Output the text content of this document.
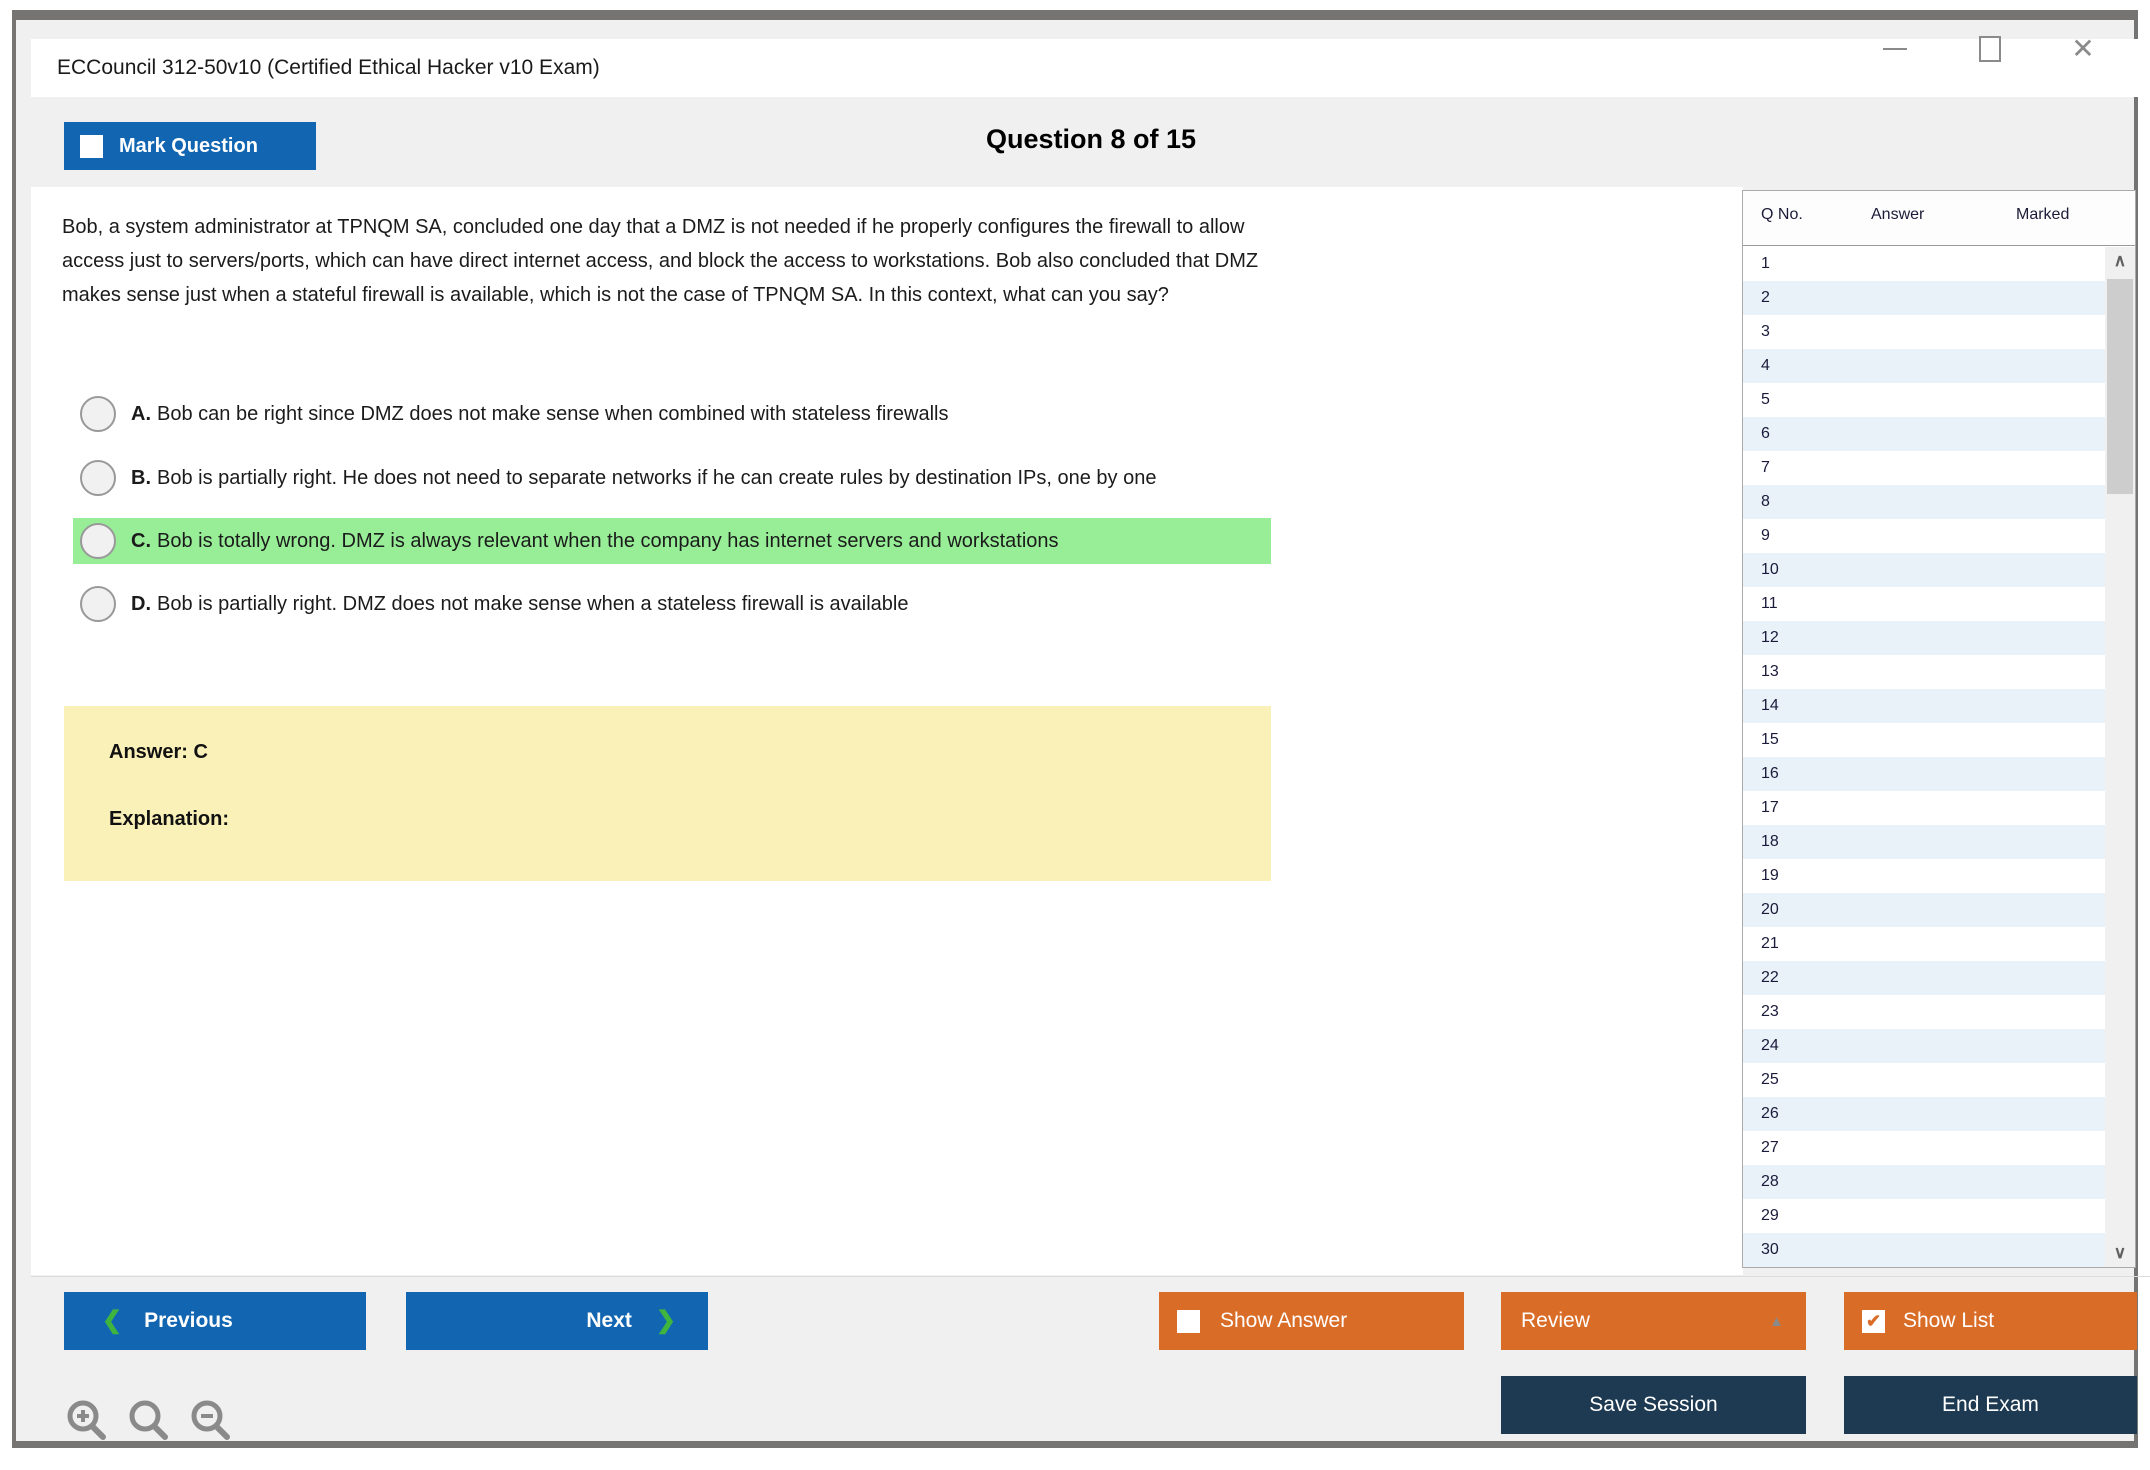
ECCouncil 312-50v10 (Certified Ethical Hacker v10 Exam)
✕
Question 8 of 15
Mark Question
Bob, a system administrator at TPNQM SA, concluded one day that a DMZ is not needed if he properly configures the firewall to allow access just to servers/ports, which can have direct internet access, and block the access to workstations. Bob also concluded that DMZ makes sense just when a stateful firewall is available, which is not the case of TPNQM SA. In this context, what can you say?
A. Bob can be right since DMZ does not make sense when combined with stateless firewalls
B. Bob is partially right. He does not need to separate networks if he can create rules by destination IPs, one by one
C. Bob is totally wrong. DMZ is always relevant when the company has internet servers and workstations
D. Bob is partially right. DMZ does not make sense when a stateless firewall is available
Answer: C
Explanation:
Q No.	Answer	Marked
1
2
3
4
5
6
7
8
9
10
11
12
13
14
15
16
17
18
19
20
21
22
23
24
25
26
27
28
29
30
∧
∨
❮ Previous	Next ❯	Show Answer	Review	▲	✔ Show List
Save Session	End Exam
